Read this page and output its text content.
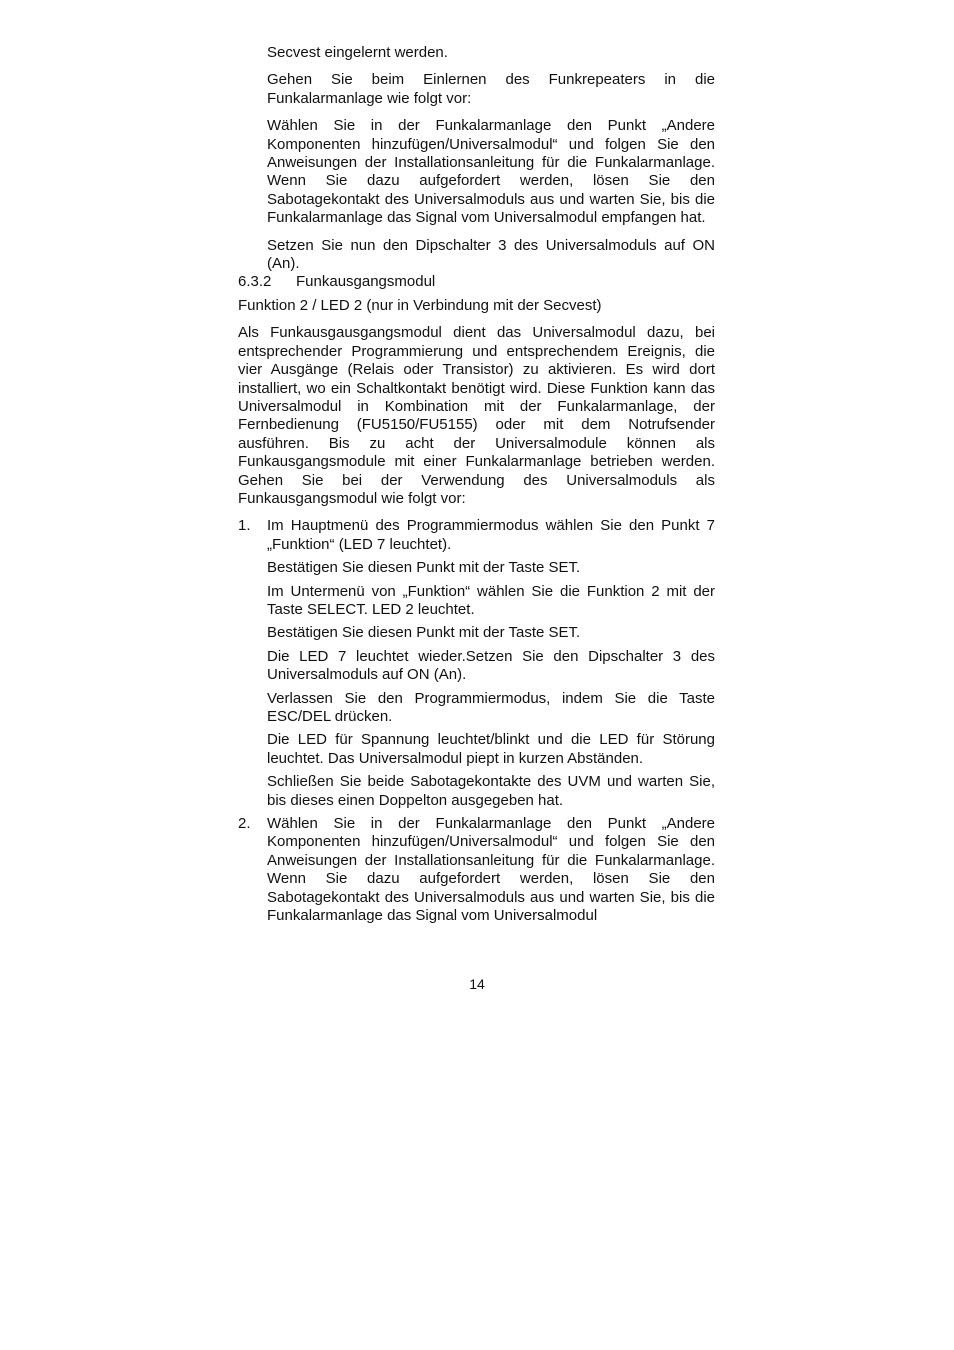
Secvest eingelernt werden.

Gehen Sie beim Einlernen des Funkrepeaters in die Funkalarmanlage wie folgt vor:

Wählen Sie in der Funkalarmanlage den Punkt „Andere Komponenten hinzufügen/Universalmodul“ und folgen Sie den Anweisungen der Installationsanleitung für die Funkalarmanlage. Wenn Sie dazu aufgefordert werden, lösen Sie den Sabotagekontakt des Universalmoduls aus und warten Sie, bis die Funkalarmanlage das Signal vom Universalmodul empfangen hat.

Setzen Sie nun den Dipschalter 3 des Universalmoduls auf ON (An).

6.3.2	Funkausgangsmodul

Funktion 2 / LED 2 (nur in Verbindung mit der Secvest)

Als Funkausgausgangsmodul dient das Universalmodul dazu, bei entsprechender Programmierung und entsprechendem Ereignis, die vier Ausgänge (Relais oder Transistor) zu aktivieren. Es wird dort installiert, wo ein Schaltkontakt benötigt wird. Diese Funktion kann das Universalmodul in Kombination mit der Funkalarmanlage, der Fernbedienung (FU5150/FU5155) oder mit dem Notrufsender ausführen. Bis zu acht der Universalmodule können als Funkausgangsmodule mit einer Funkalarmanlage betrieben werden. Gehen Sie bei der Verwendung des Universalmoduls als Funkausgangsmodul wie folgt vor:

1. Im Hauptmenü des Programmiermodus wählen Sie den Punkt 7 „Funktion“ (LED 7 leuchtet).

Bestätigen Sie diesen Punkt mit der Taste SET.

Im Untermenü von „Funktion“ wählen Sie die Funktion 2 mit der Taste SELECT. LED 2 leuchtet.

Bestätigen Sie diesen Punkt mit der Taste SET.

Die LED 7 leuchtet wieder.Setzen Sie den Dipschalter 3 des Universalmoduls auf ON (An).

Verlassen Sie den Programmiermodus, indem Sie die Taste ESC/DEL drücken.

Die LED für Spannung leuchtet/blinkt und die LED für Störung leuchtet. Das Universalmodul piept in kurzen Abständen.

Schließen Sie beide Sabotagekontakte des UVM und warten Sie, bis dieses einen Doppelton ausgegeben hat.

2. Wählen Sie in der Funkalarmanlage den Punkt „Andere Komponenten hinzufügen/Universalmodul“ und folgen Sie den Anweisungen der Installationsanleitung für die Funkalarmanlage. Wenn Sie dazu aufgefordert werden, lösen Sie den Sabotagekontakt des Universalmoduls aus und warten Sie, bis die Funkalarmanlage das Signal vom Universalmodul

14
